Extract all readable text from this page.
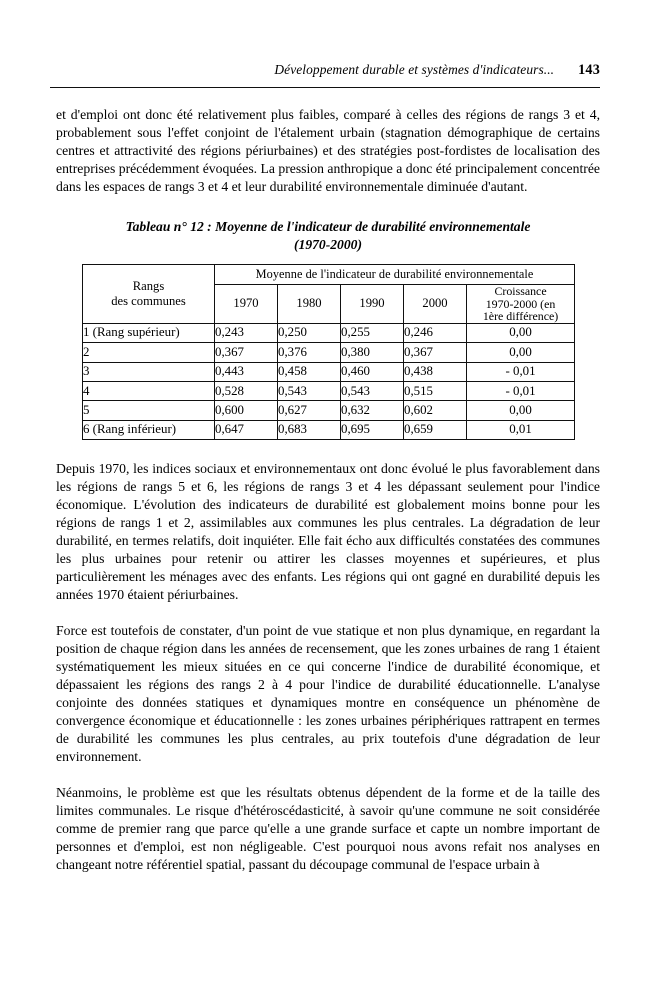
Développement durable et systèmes d'indicateurs... 143

et d'emploi ont donc été relativement plus faibles, comparé à celles des régions de rangs 3 et 4, probablement sous l'effet conjoint de l'étalement urbain (stagnation démographique de certains centres et attractivité des régions périurbaines) et des stratégies post-fordistes de localisation des entreprises précédemment évoquées. La pression anthropique a donc été principalement concentrée dans les espaces de rangs 3 et 4 et leur durabilité environnementale diminuée d'autant.

Tableau n° 12 : Moyenne de l'indicateur de durabilité environnementale
(1970-2000)
Rangs
des communes	Moyenne de l'indicateur de durabilité environnementale				
	1970	1980	1990	2000	Croissance
1970-2000 (en
1ère différence)

1 (Rang supérieur)	0,243	0,250	0,255	0,246	0,00
2	0,367	0,376	0,380	0,367	0,00
3	0,443	0,458	0,460	0,438	- 0,01
4	0,528	0,543	0,543	0,515	- 0,01
5	0,600	0,627	0,632	0,602	0,00
6 (Rang inférieur)	0,647	0,683	0,695	0,659	0,01

Depuis 1970, les indices sociaux et environnementaux ont donc évolué le plus favorablement dans les régions de rangs 5 et 6, les régions de rangs 3 et 4 les dépassant seulement pour l'indice économique. L'évolution des indicateurs de durabilité est globalement moins bonne pour les régions de rangs 1 et 2, assimilables aux communes les plus centrales. La dégradation de leur durabilité, en termes relatifs, doit inquiéter. Elle fait écho aux difficultés constatées des communes les plus urbaines pour retenir ou attirer les classes moyennes et supérieures, et plus particulièrement les ménages avec des enfants. Les régions qui ont gagné en durabilité depuis les années 1970 étaient périurbaines.

Force est toutefois de constater, d'un point de vue statique et non plus dynamique, en regardant la position de chaque région dans les années de recensement, que les zones urbaines de rang 1 étaient systématiquement les mieux situées en ce qui concerne l'indice de durabilité économique, et dépassaient les régions des rangs 2 à 4 pour l'indice de durabilité éducationnelle. L'analyse conjointe des données statiques et dynamiques montre en conséquence un phénomène de convergence économique et éducationnelle : les zones urbaines périphériques rattrapent en termes de durabilité les communes les plus centrales, au prix toutefois d'une dégradation de leur environnement.

Néanmoins, le problème est que les résultats obtenus dépendent de la forme et de la taille des limites communales. Le risque d'hétéroscédasticité, à savoir qu'une commune ne soit considérée comme de premier rang que parce qu'elle a une grande surface et capte un nombre important de personnes et d'emploi, est non négligeable. C'est pourquoi nous avons refait nos analyses en changeant notre référentiel spatial, passant du découpage communal de l'espace urbain à
